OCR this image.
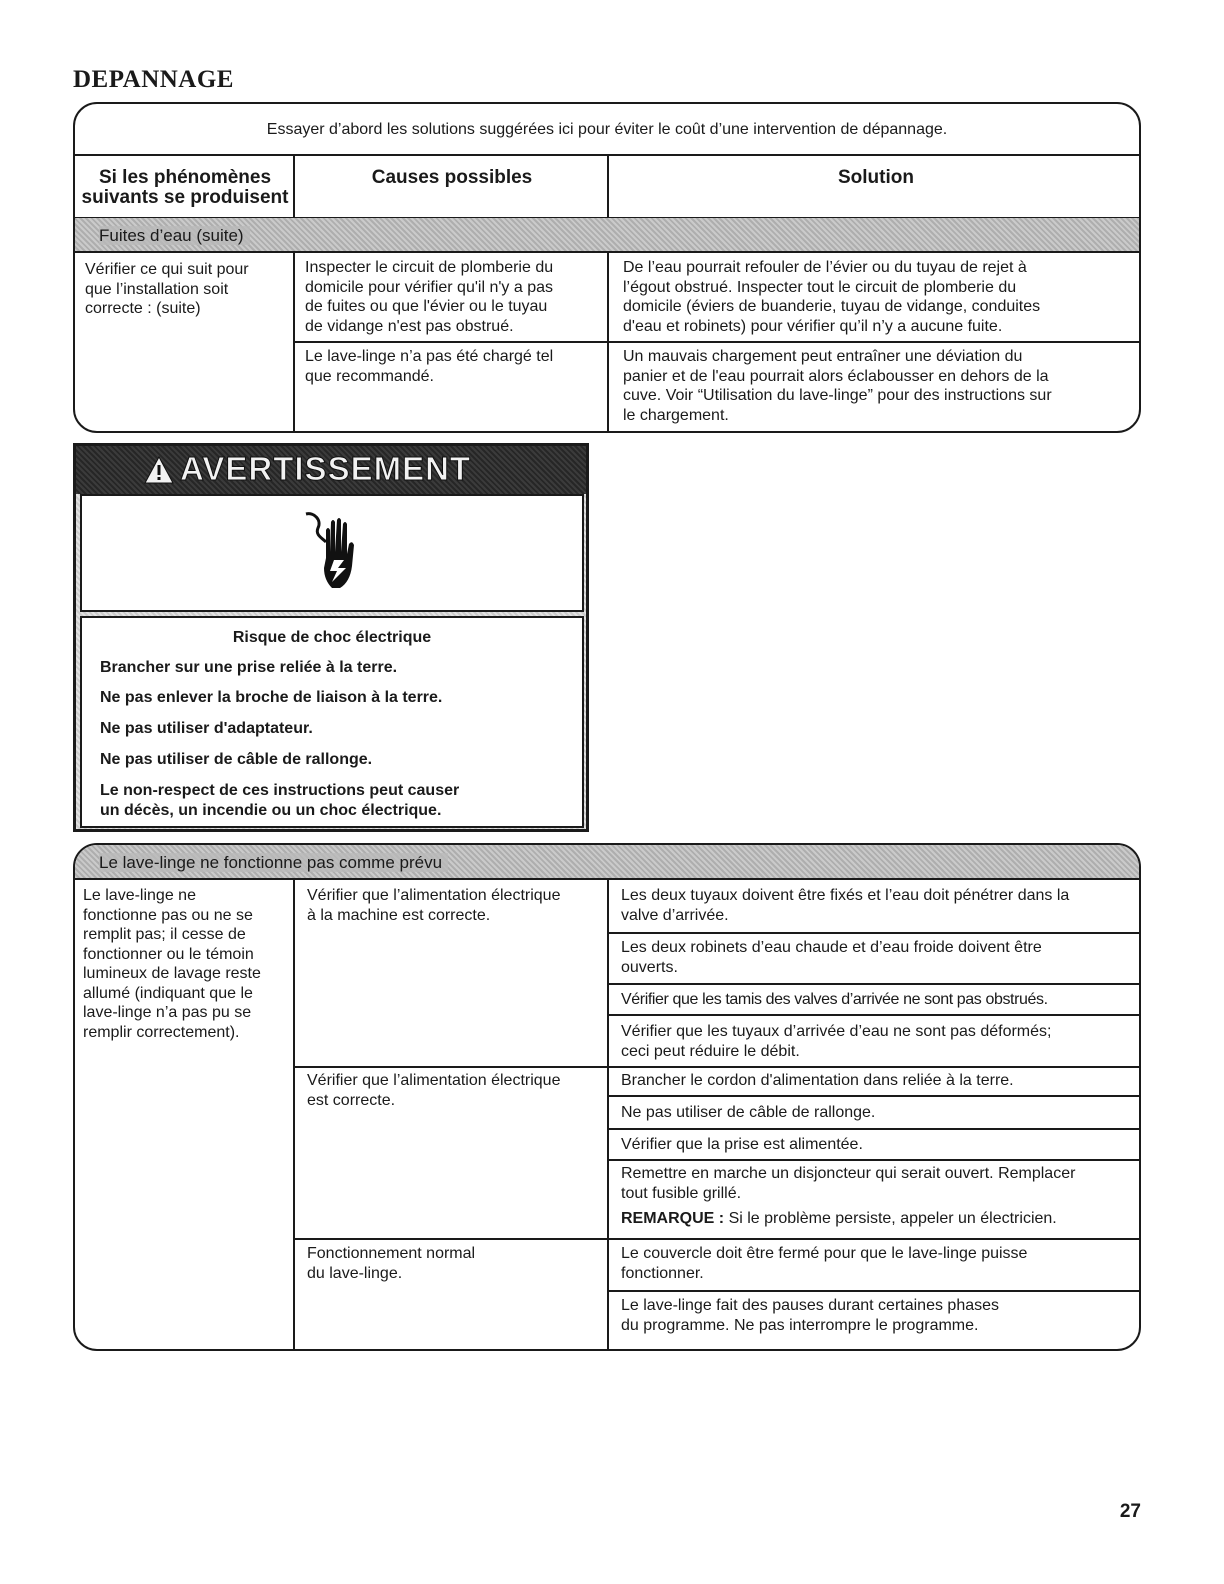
DEPANNAGE
Essayer d’abord les solutions suggérées ici pour éviter le coût d’une intervention de dépannage.
Si les phénomènes
suivants se produisent
Causes possibles	Solution
Fuites d’eau (suite)
Vérifier ce qui suit pour
que l’installation soit
correcte : (suite)
Inspecter le circuit de plomberie du
domicile pour vérifier qu'il n'y a pas
de fuites ou que l'évier ou le tuyau
de vidange n'est pas obstrué.
De l’eau pourrait refouler de l’évier ou du tuyau de rejet à
l’égout obstrué. Inspecter tout le circuit de plomberie du
domicile (éviers de buanderie, tuyau de vidange, conduites
d'eau et robinets) pour vérifier qu’il n’y a aucune fuite.
Le lave-linge n’a pas été chargé tel
que recommandé.
Un mauvais chargement peut entraîner une déviation du
panier et de l'eau pourrait alors éclabousser en dehors de la
cuve. Voir “Utilisation du lave-linge” pour des instructions sur
le chargement.
AVERTISSEMENT
Risque de choc électrique
Brancher sur une prise reliée à la terre.
Ne pas enlever la broche de liaison à la terre.
Ne pas utiliser d'adaptateur.
Ne pas utiliser de câble de rallonge.
Le non-respect de ces instructions peut causer
un décès, un incendie ou un choc électrique.
Le lave-linge ne fonctionne pas comme prévu
Le lave-linge ne
fonctionne pas ou ne se
remplit pas; il cesse de
fonctionner ou le témoin
lumineux de lavage reste
allumé (indiquant que le
lave-linge n’a pas pu se
remplir correctement).
Vérifier que l’alimentation électrique
à la machine est correcte.
Vérifier que l’alimentation électrique
est correcte.
Fonctionnement normal
du lave-linge.
Les deux tuyaux doivent être fixés et l’eau doit pénétrer dans la
valve d’arrivée.
Les deux robinets d’eau chaude et d’eau froide doivent être
ouverts.
Vérifier que les tamis des valves d’arrivée ne sont pas obstrués.
Vérifier que les tuyaux d’arrivée d’eau ne sont pas déformés;
ceci peut réduire le débit.
Brancher le cordon d'alimentation dans reliée à la terre.
Ne pas utiliser de câble de rallonge.
Vérifier que la prise est alimentée.
Remettre en marche un disjoncteur qui serait ouvert. Remplacer
tout fusible grillé.
REMARQUE : Si le problème persiste, appeler un électricien.
Le couvercle doit être fermé pour que le lave-linge puisse
fonctionner.
Le lave-linge fait des pauses durant certaines phases
du programme. Ne pas interrompre le programme.
27
